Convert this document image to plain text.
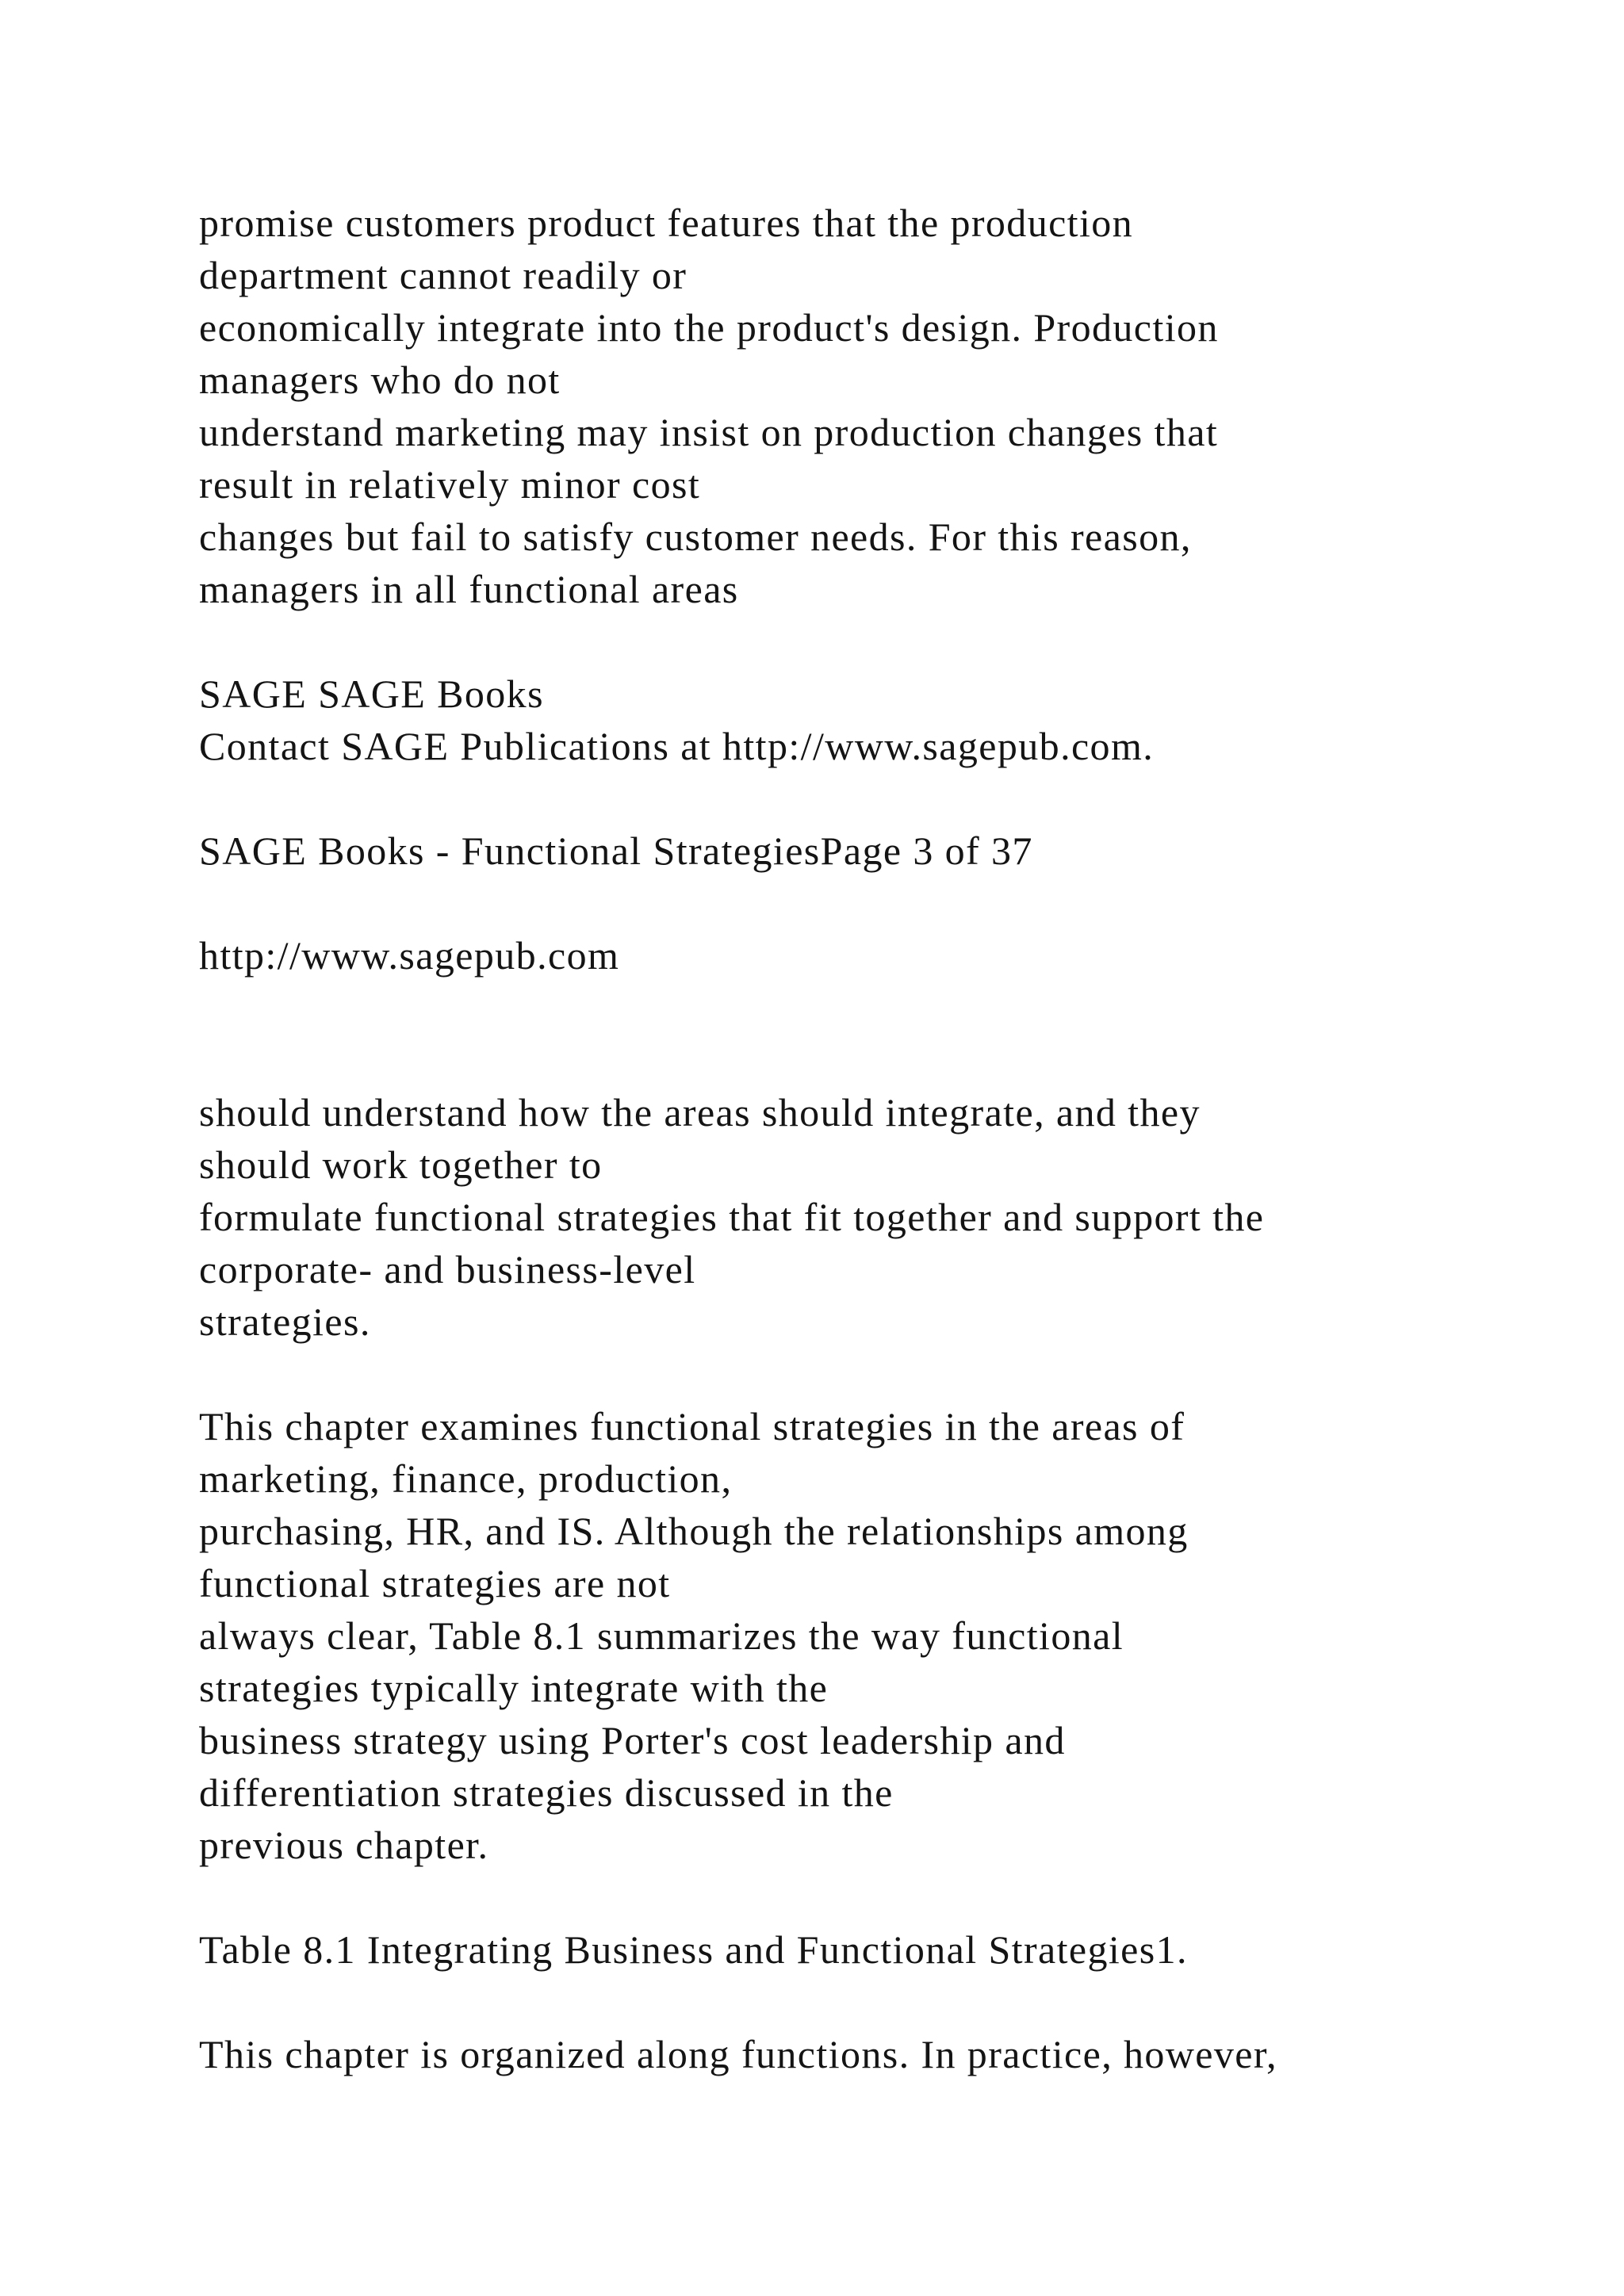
promise customers product features that the production

department cannot readily or

economically integrate into the product's design. Production

managers who do not

understand marketing may insist on production changes that

result in relatively minor cost

changes but fail to satisfy customer needs. For this reason,

managers in all functional areas

SAGE SAGE Books

Contact SAGE Publications at http://www.sagepub.com.

SAGE Books - Functional StrategiesPage 3 of 37

http://www.sagepub.com

should understand how the areas should integrate, and they

should work together to

formulate functional strategies that fit together and support the

corporate- and business-level

strategies.

This chapter examines functional strategies in the areas of

marketing, finance, production,

purchasing, HR, and IS. Although the relationships among

functional strategies are not

always clear, Table 8.1 summarizes the way functional

strategies typically integrate with the

business strategy using Porter's cost leadership and

differentiation strategies discussed in the

previous chapter.

Table 8.1 Integrating Business and Functional Strategies1.

This chapter is organized along functions. In practice, however,
